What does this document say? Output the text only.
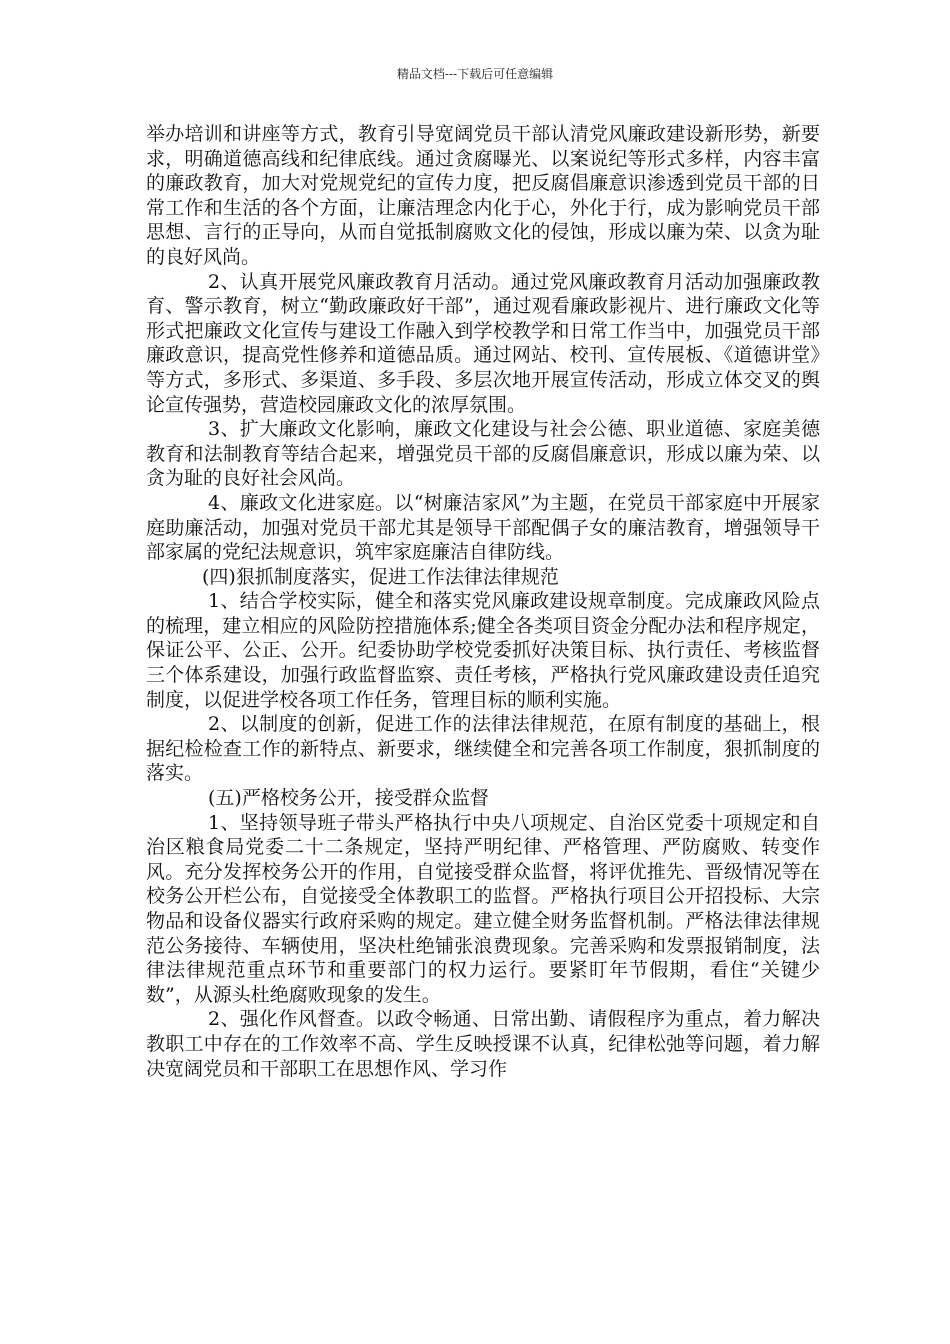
精品文档---下载后可任意编辑

举办培训和讲座等方式，教育引导宽阔党员干部认清党风廉政建设新形势，新要求，明确道德高线和纪律底线。通过贪腐曝光、以案说纪等形式多样，内容丰富的廉政教育，加大对党规党纪的宣传力度，把反腐倡廉意识渗透到党员干部的日常工作和生活的各个方面，让廉洁理念内化于心，外化于行，成为影响党员干部思想、言行的正导向，从而自觉抵制腐败文化的侵蚀，形成以廉为荣、以贪为耻的良好风尚。

2、认真开展党风廉政教育月活动。通过党风廉政教育月活动加强廉政教育、警示教育，树立“勤政廉政好干部”，通过观看廉政影视片、进行廉政文化等形式把廉政文化宣传与建设工作融入到学校教学和日常工作当中，加强党员干部廉政意识，提高党性修养和道德品质。通过网站、校刊、宣传展板、《道德讲堂》等方式，多形式、多渠道、多手段、多层次地开展宣传活动，形成立体交叉的舆论宣传强势，营造校园廉政文化的浓厚氛围。

3、扩大廉政文化影响，廉政文化建设与社会公德、职业道德、家庭美德教育和法制教育等结合起来，增强党员干部的反腐倡廉意识，形成以廉为荣、以贪为耻的良好社会风尚。

4、廉政文化进家庭。以“树廉洁家风”为主题，在党员干部家庭中开展家庭助廉活动，加强对党员干部尤其是领导干部配偶子女的廉洁教育，增强领导干部家属的党纪法规意识，筑牢家庭廉洁自律防线。

(四)狠抓制度落实，促进工作法律法律规范

1、结合学校实际，健全和落实党风廉政建设规章制度。完成廉政风险点的梳理，建立相应的风险防控措施体系;健全各类项目资金分配办法和程序规定，保证公平、公正、公开。纪委协助学校党委抓好决策目标、执行责任、考核监督三个体系建设，加强行政监督监察、责任考核，严格执行党风廉政建设责任追究制度，以促进学校各项工作任务，管理目标的顺利实施。

2、以制度的创新，促进工作的法律法律规范，在原有制度的基础上，根据纪检检查工作的新特点、新要求，继续健全和完善各项工作制度，狠抓制度的落实。

(五)严格校务公开，接受群众监督

1、坚持领导班子带头严格执行中央八项规定、自治区党委十项规定和自治区粮食局党委二十二条规定，坚持严明纪律、严格管理、严防腐败、转变作风。充分发挥校务公开的作用，自觉接受群众监督，将评优推先、晋级情况等在校务公开栏公布，自觉接受全体教职工的监督。严格执行项目公开招投标、大宗物品和设备仪器实行政府采购的规定。建立健全财务监督机制。严格法律法律规范公务接待、车辆使用，坚决杜绝铺张浪费现象。完善采购和发票报销制度，法律法律规范重点环节和重要部门的权力运行。要紧盯年节假期，看住“关键少数”，从源头杜绝腐败现象的发生。

2、强化作风督查。以政令畅通、日常出勤、请假程序为重点，着力解决教职工中存在的工作效率不高、学生反映授课不认真，纪律松弛等问题，着力解决宽阔党员和干部职工在思想作风、学习作
